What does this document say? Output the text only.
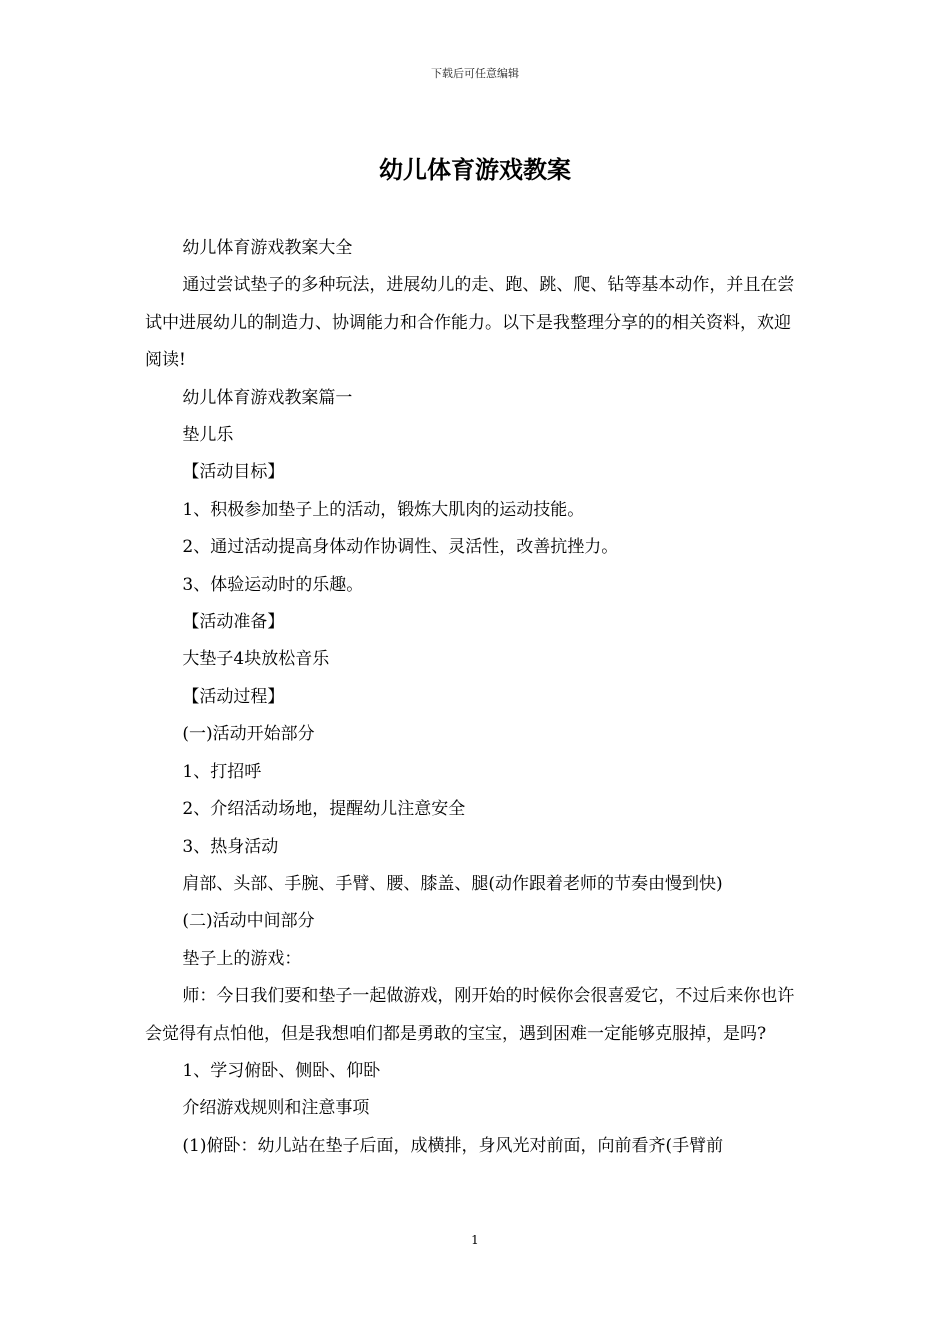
下载后可任意编辑
幼儿体育游戏教案

幼儿体育游戏教案大全

通过尝试垫子的多种玩法，进展幼儿的走、跑、跳、爬、钻等基本动作，并且在尝试中进展幼儿的制造力、协调能力和合作能力。以下是我整理分享的的相关资料，欢迎阅读!

幼儿体育游戏教案篇一

垫儿乐

【活动目标】

1、积极参加垫子上的活动，锻炼大肌肉的运动技能。

2、通过活动提高身体动作协调性、灵活性，改善抗挫力。

3、体验运动时的乐趣。

【活动准备】

大垫子4块放松音乐

【活动过程】

(一)活动开始部分

1、打招呼

2、介绍活动场地，提醒幼儿注意安全

3、热身活动

肩部、头部、手腕、手臂、腰、膝盖、腿(动作跟着老师的节奏由慢到快)

(二)活动中间部分

垫子上的游戏：

师：今日我们要和垫子一起做游戏，刚开始的时候你会很喜爱它，不过后来你也许会觉得有点怕他，但是我想咱们都是勇敢的宝宝，遇到困难一定能够克服掉，是吗?

1、学习俯卧、侧卧、仰卧

介绍游戏规则和注意事项

(1)俯卧：幼儿站在垫子后面，成横排，身风光对前面，向前看齐(手臂前

1
